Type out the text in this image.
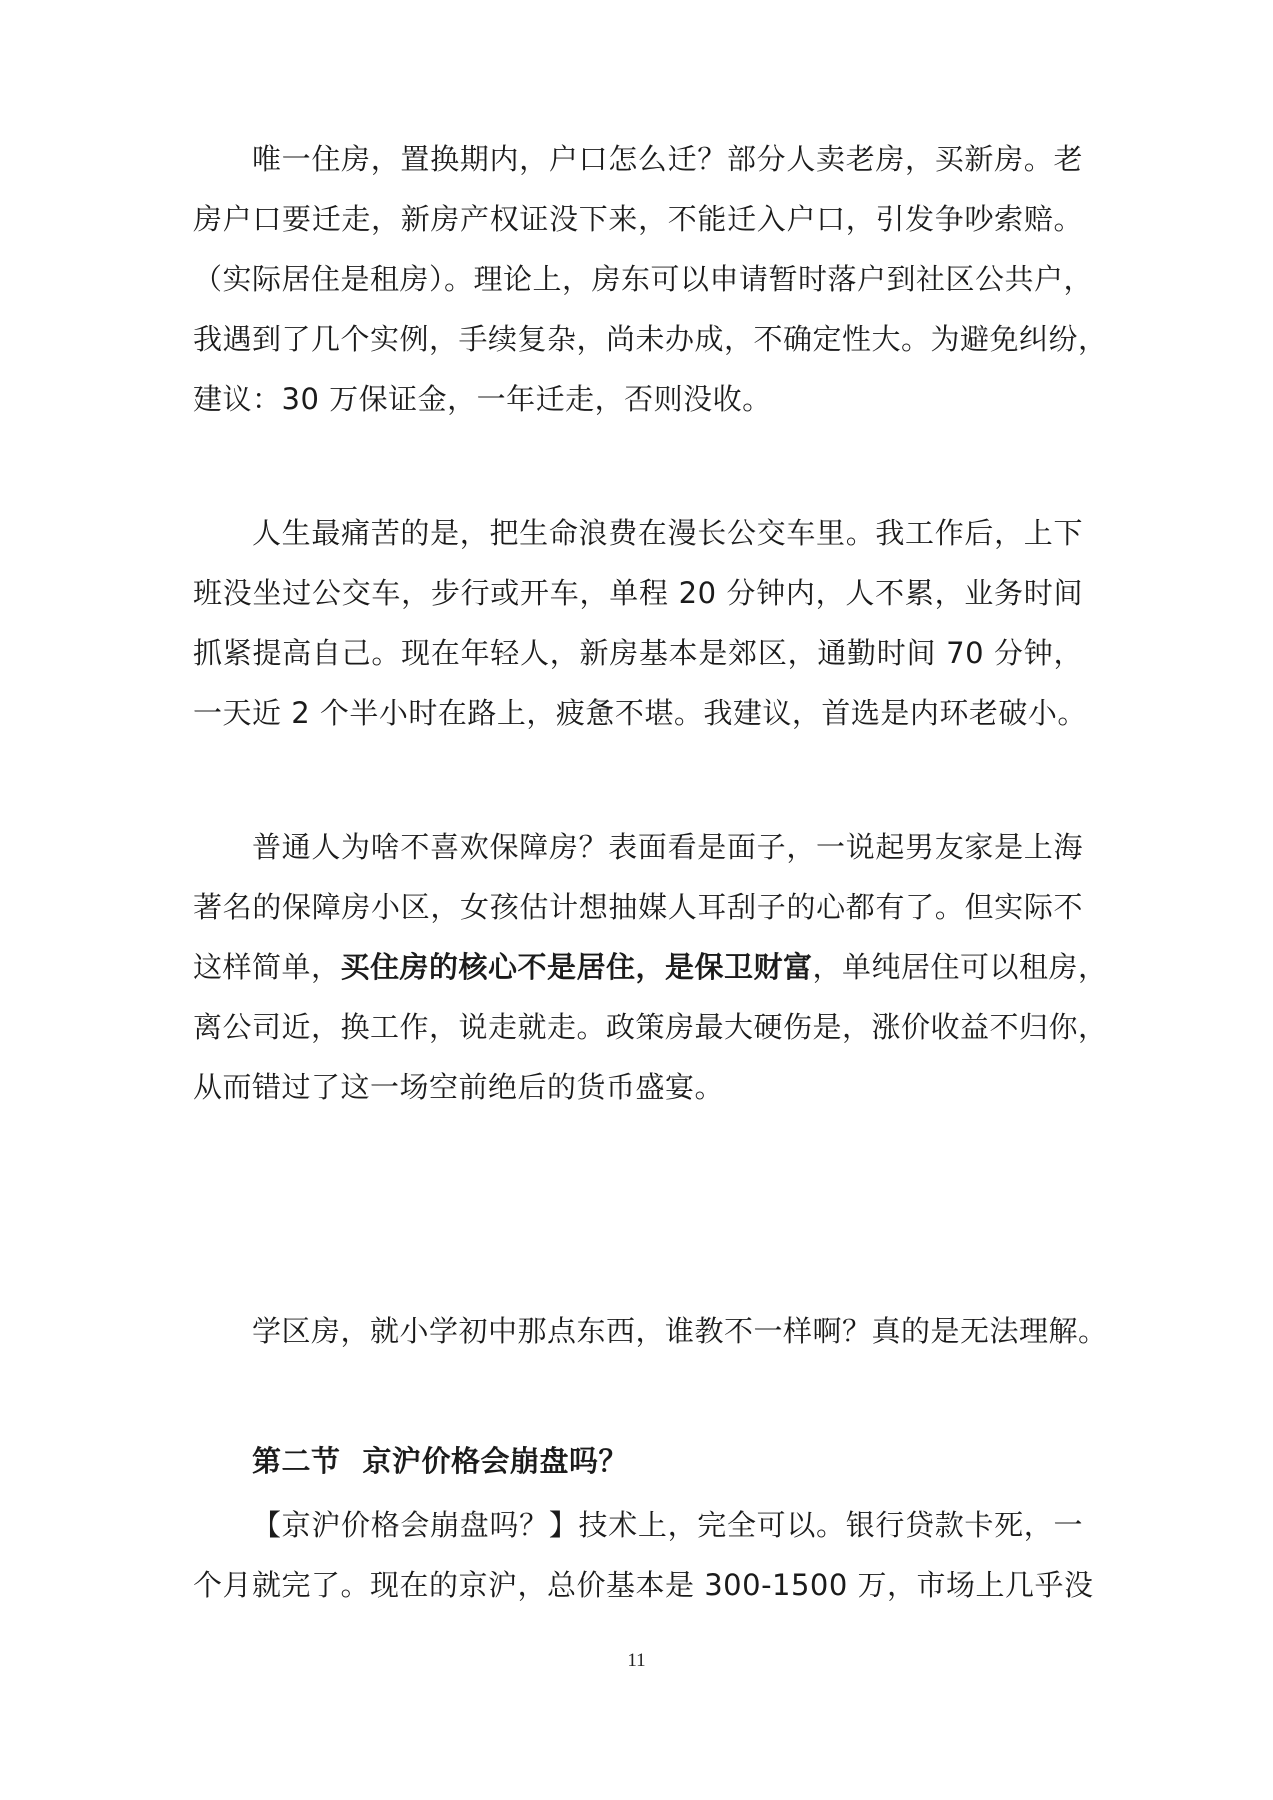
唯一住房，置换期内，户口怎么迁？部分人卖老房，买新房。老
房户口要迁走，新房产权证没下来，不能迁入户口，引发争吵索赔。
（实际居住是租房）。理论上，房东可以申请暂时落户到社区公共户，
我遇到了几个实例，手续复杂，尚未办成，不确定性大。为避免纠纷，
建议：30 万保证金，一年迁走，否则没收。
人生最痛苦的是，把生命浪费在漫长公交车里。我工作后，上下
班没坐过公交车，步行或开车，单程 20 分钟内，人不累，业务时间
抓紧提高自己。现在年轻人，新房基本是郊区，通勤时间 70 分钟，
一天近 2 个半小时在路上，疲惫不堪。我建议，首选是内环老破小。
普通人为啥不喜欢保障房？表面看是面子，一说起男友家是上海
著名的保障房小区，女孩估计想抽媒人耳刮子的心都有了。但实际不
这样简单，买住房的核心不是居住，是保卫财富，单纯居住可以租房，
离公司近，换工作，说走就走。政策房最大硬伤是，涨价收益不归你，
从而错过了这一场空前绝后的货币盛宴。
学区房，就小学初中那点东西，谁教不一样啊？真的是无法理解。
第二节 京沪价格会崩盘吗？
【京沪价格会崩盘吗？】技术上，完全可以。银行贷款卡死，一
个月就完了。现在的京沪，总价基本是 300-1500 万，市场上几乎没
11
